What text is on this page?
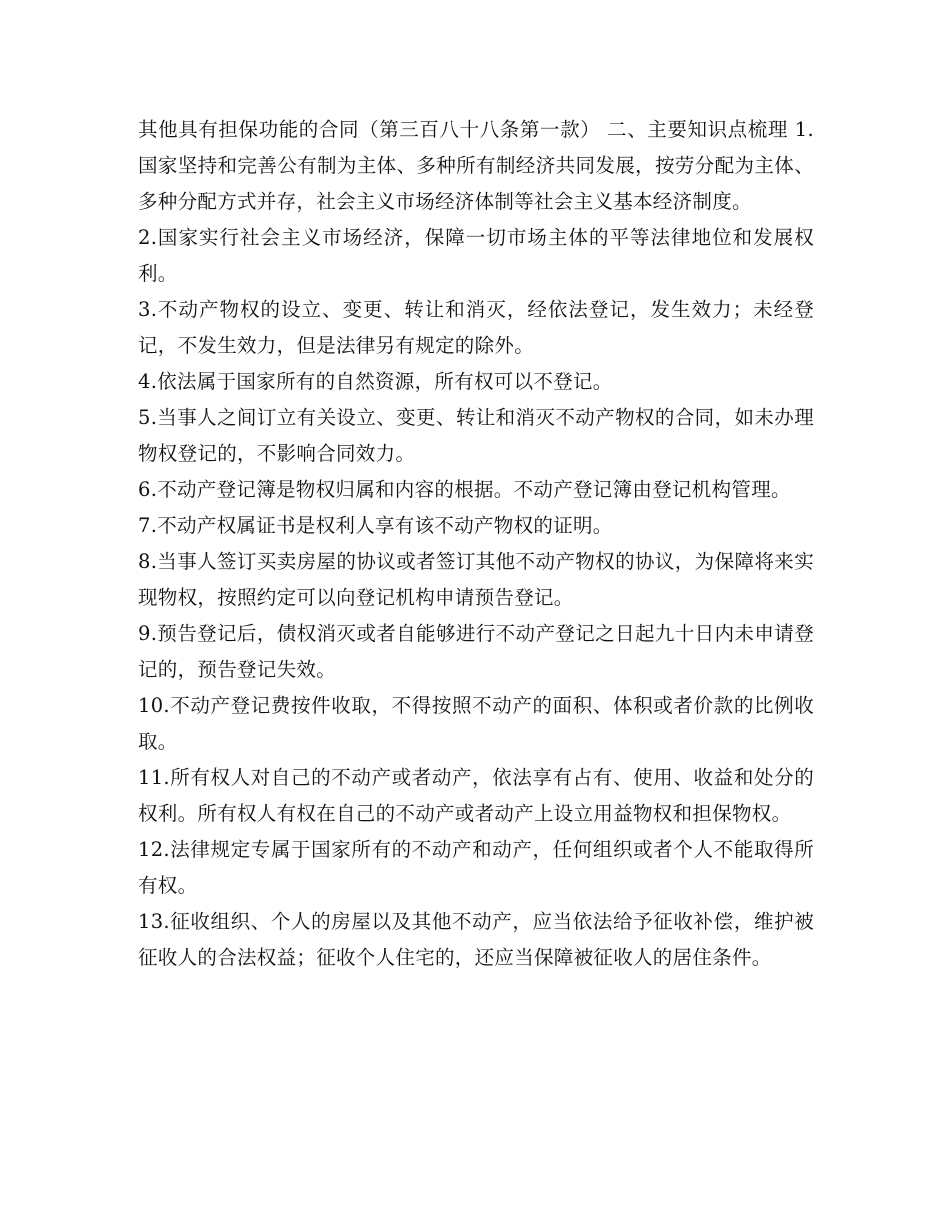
其他具有担保功能的合同（第三百八十八条第一款） 二、主要知识点梳理 1.国家坚持和完善公有制为主体、多种所有制经济共同发展，按劳分配为主体、多种分配方式并存，社会主义市场经济体制等社会主义基本经济制度。

2.国家实行社会主义市场经济，保障一切市场主体的平等法律地位和发展权利。

3.不动产物权的设立、变更、转让和消灭，经依法登记，发生效力；未经登记，不发生效力，但是法律另有规定的除外。

4.依法属于国家所有的自然资源，所有权可以不登记。

5.当事人之间订立有关设立、变更、转让和消灭不动产物权的合同，如未办理物权登记的，不影响合同效力。

6.不动产登记簿是物权归属和内容的根据。不动产登记簿由登记机构管理。

7.不动产权属证书是权利人享有该不动产物权的证明。

8.当事人签订买卖房屋的协议或者签订其他不动产物权的协议，为保障将来实现物权，按照约定可以向登记机构申请预告登记。

9.预告登记后，债权消灭或者自能够进行不动产登记之日起九十日内未申请登记的，预告登记失效。

10.不动产登记费按件收取，不得按照不动产的面积、体积或者价款的比例收取。

11.所有权人对自己的不动产或者动产，依法享有占有、使用、收益和处分的权利。所有权人有权在自己的不动产或者动产上设立用益物权和担保物权。

12.法律规定专属于国家所有的不动产和动产，任何组织或者个人不能取得所有权。

13.征收组织、个人的房屋以及其他不动产，应当依法给予征收补偿，维护被征收人的合法权益；征收个人住宅的，还应当保障被征收人的居住条件。
